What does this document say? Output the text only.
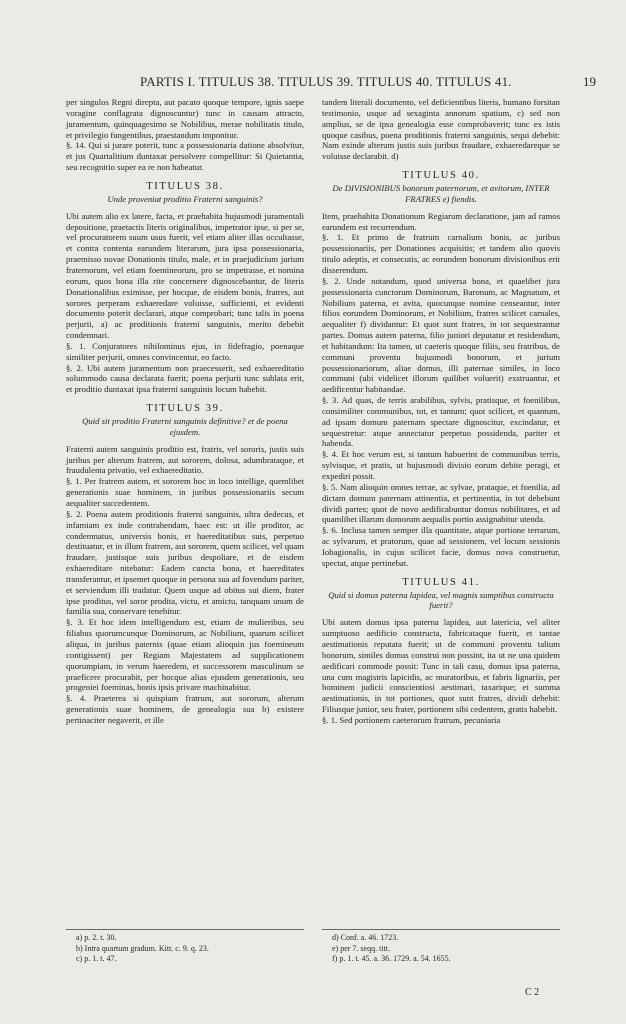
PARTIS I. TITULUS 38. TITULUS 39. TITULUS 40. TITULUS 41.	19

per singulos Regni direpta, aut pacato quoque tempore, ignis saepe voragine conflagrata dignoscuntur) tunc in causam attracto, juramentum, quinquagesimo se Nobilibus, merae nobilitatis titulo, et privilegio fungentibus, praestandum imponitur.

§. 14. Qui si jurare poterit, tunc a possessionaria datione absolvitur, et jus Quartalitium duntaxat persolvere compellitur: Si Quietantia, seu recognitio super ea re non habeatur.

TITULUS 38.

Unde proveniat proditio Fraterni sanguinis?

Ubi autem alio ex latere, facta, et praehabita hujusmodi juramentali depositione, praetactis literis originalibus, impetrator ipse, si per se, vel procuratorem suum usus fuerit, vel etiam aliter illas occultasse, et contra contenta earundem literarum, jura ipsa possessionaria, praemisso novae Donationis titulo, male, et in praejudicium jurium fraternorum, vel etiam foemineorum, pro se impetrasse, et nomina eorum, quos bona illa rite concernere dignoscebantur, de literis Donationalibus eximisse, per hocque, de eisdem bonis, fratres, aut sorores perperam exhaeredare voluisse, sufficienti, et evidenti documento poterit declarari, atque comprobari; tunc talis in poena perjurii, a) ac proditionis fraterni sanguinis, merito debebit condemnari.

§. 1. Conjuratores nihilominus ejus, in fidefragio, poenaque similiter perjurii, omnes convincentur, eo facto.

§. 2. Ubi autem juramentum non praecesserit, sed exhaereditatio solummodo causa declarata fuerit; poena perjurii tunc sublata erit, et proditio duntaxat ipsa fraterni sanguinis locum habebit.

TITULUS 39.

Quid sit proditio Fraterni sanguinis definitive? et de poena ejusdem.

Fraterni autem sanguinis proditio est, fratris, vel sororis, justis suis juribus per alterum fratrem, aut sororem, dolosa, adumbrataque, et fraudulenta privatio, vel exhaereditatio.

§. 1. Per fratrem autem, et sororem hoc in loco intellige, quemlibet generationis suae hominem, in juribus possessionariis secum aequaliter succedentem.

§. 2. Poena autem proditionis fraterni sanguinis, ultra dedecus, et infamiam ex inde contrahendam, haec est: ut ille proditor, ac condemnatus, universis bonis, et haereditatibus suis, perpetuo destituatur, et in illum fratrem, aut sororem, quem scilicet, vel quam fraudare, justisque suis juribus despoliare, et de eisdem exhaereditare nitebatur: Eadem cuncta bona, et haereditates transferantur, et ipsemet quoque in persona sua ad fovendum pariter, et serviendum illi tradatur. Quem usque ad obitus sui diem, frater ipse proditus, vel soror prodita, victu, et amictu, tanquam unum de familia sua, conservare tenebitur.

§. 3. Et hoc idem intelligendum est, etiam de mulieribus, seu filiabus quorumcunque Dominorum, ac Nobilium, quarum scilicet aliqua, in juribus paternis (quae etiam alioquin jus foemineum contigissent) per Regiam Majestatem ad supplicationem quorumpiam, in verum haeredem, et successorem masculinum se praeficere procurabit, per hocque alias ejusdem generationis, seu progeniei foeminas, bonis ipsis privare machinabitur.

§. 4. Praeterea si quispiam fratrum, aut sororum, alterum generationis suae hominem, de genealogia sua b) existere pertinaciter negaverit, et ille

tandem literali documento, vel deficientibus literis, humano forsitan testimonio, usque ad sexaginta annorum spatium, c) sed non amplius, se de ipsa genealogia esse comprobaverit; tunc ex istis quoque casibus, poena proditionis fraterni sanguinis, sequi debebit: Nam exinde alterum justis suis juribus fraudare, exhaeredareque se voluisse declarabit. d)

TITULUS 40.

De DIVISIONIBUS bonorum paternorum, et avitorum, INTER FRATRES e) fiendis.

Item, praehabita Donationum Regiarum declaratione, jam ad ramos earundem est recurrendum.

§. 1. Et primo de fratrum carnalium bonis, ac juribus possessionariis, per Donationes acquisitis; et tandem alio quovis titulo adeptis, et consecutis, ac eorundem bonorum divisionibus erit disserendum.

§. 2. Unde notandum, quod universa bona, et quaelibet jura possessionaria cunctorum Dominorum, Baronum, ac Magnatum, et Nobilium paterna, et avita, quocunque nomine censeantur, inter filios eorundem Dominorum, et Nobilium, fratres scilicet carnales, aequaliter f) dividantur: Et quot sunt fratres, in tot sequestrantur partes. Domus autem paterna, filio juniori deputatur et residendum, et habitandum: Ita tamen, ut caeteris quoque filiis, seu fratribus, de communi proventu hujusmodi bonorum, et jurium possessionariorum, aliae domus, illi paternae similes, in loco communi (ubi videlicet illorum quilibet voluerit) exstruantur, et aedificentur habitandae.

§. 3. Ad quas, de terris arabilibus, sylvis, pratisque, et foenilibus, consimiliter communibus, tot, et tantum; quot scilicet, et quantum, ad ipsam domum paternam spectare dignoscitur, excindatur, et sequestretur: atque annectatur perpetuo possidenda, pariter et habenda.

§. 4. Et hoc verum est, si tantum habuerint de communibus terris, sylvisque, et pratis, ut hujusmodi divisio eorum debite peragi, et expediri possit.

§. 5. Nam alioquin omnes terrae, ac sylvae, prataque, et foenilia, ad dictam domum paternam attinentia, et pertinentia, in tot debebunt dividi partes; quot de novo aedificabuntur domus nobilitares, et ad quamlibet illarum domorum aequalis portio assignabitur utenda.

§. 6. Inclusa tamen semper illa quantitate, atque portione terrarum, ac sylvarum, et pratorum, quae ad sessionem, vel locum sessionis Iobagionalis, in cujus scilicet facie, domus nova construetur, spectat, atque pertinebat.

TITULUS 41.

Quid si domus paterna lapidea, vel magnis sumptibus constructa fuerit?

Ubi autem domus ipsa paterna lapidea, aut latericia, vel aliter sumptuoso aedificio constructa, fabricataque fuerit, et tantae aestimationis reputata fuerit; ut de communi proventu talium bonorum, similes domus construi non possint, ita ut ne una quidem aedificari commode possit: Tunc in tali casu, domus ipsa paterna, una cum magistris lapicidis, ac muratoribus, et fabris lignariis, per hominem judicii conscientiosi aestimari, taxarique; et summa aestimationis, in tot portiones, quot sunt fratres, dividi debebit: Filiusque junior, seu frater, portionem sibi cedentem, gratis habebit.

§. 1. Sed portionem caeterorum fratrum, pecuniaria

a) p. 2. t. 30.
b) Intra quartum gradum. Kitt. c. 9. q. 23.
c) p. 1. t. 47.
d) Conf. a. 46. 1723.
e) per 7. seqq. titt.
f) p. 1. t. 45. a. 36. 1729. a. 54. 1655.
C 2
